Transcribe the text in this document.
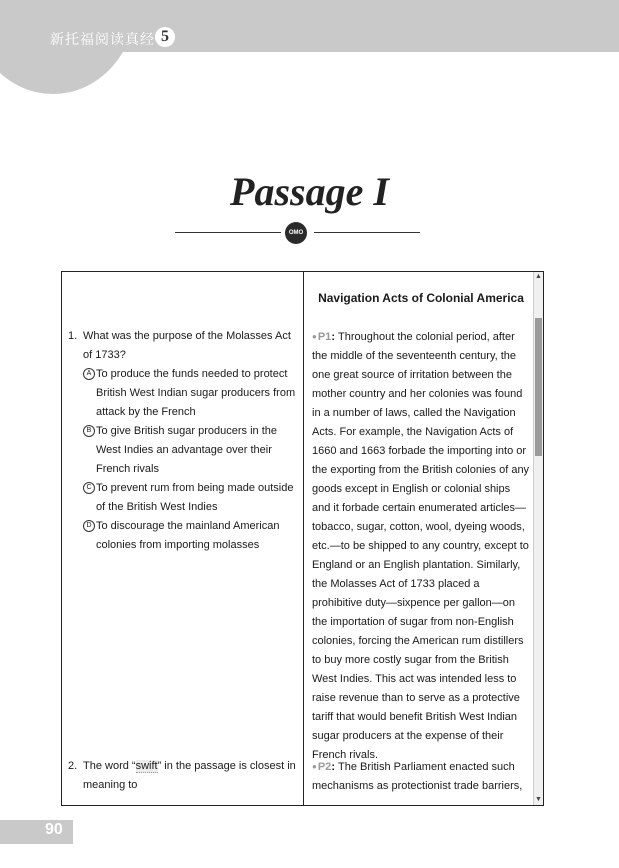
新托福阅读真经 5
Passage I
OMO
1. What was the purpose of the Molasses Act of 1733?
A To produce the funds needed to protect British West Indian sugar producers from attack by the French
B To give British sugar producers in the West Indies an advantage over their French rivals
C To prevent rum from being made outside of the British West Indies
D To discourage the mainland American colonies from importing molasses
2. The word “swift” in the passage is closest in meaning to
Navigation Acts of Colonial America
●P1: Throughout the colonial period, after the middle of the seventeenth century, the one great source of irritation between the mother country and her colonies was found in a number of laws, called the Navigation Acts. For example, the Navigation Acts of 1660 and 1663 forbade the importing into or the exporting from the British colonies of any goods except in English or colonial ships and it forbade certain enumerated articles—tobacco, sugar, cotton, wool, dyeing woods, etc.—to be shipped to any country, except to England or an English plantation. Similarly, the Molasses Act of 1733 placed a prohibitive duty—sixpence per gallon—on the importation of sugar from non-English colonies, forcing the American rum distillers to buy more costly sugar from the British West Indies. This act was intended less to raise revenue than to serve as a protective tariff that would benefit British West Indian sugar producers at the expense of their French rivals.
●P2: The British Parliament enacted such mechanisms as protectionist trade barriers,
▲
▼
90
